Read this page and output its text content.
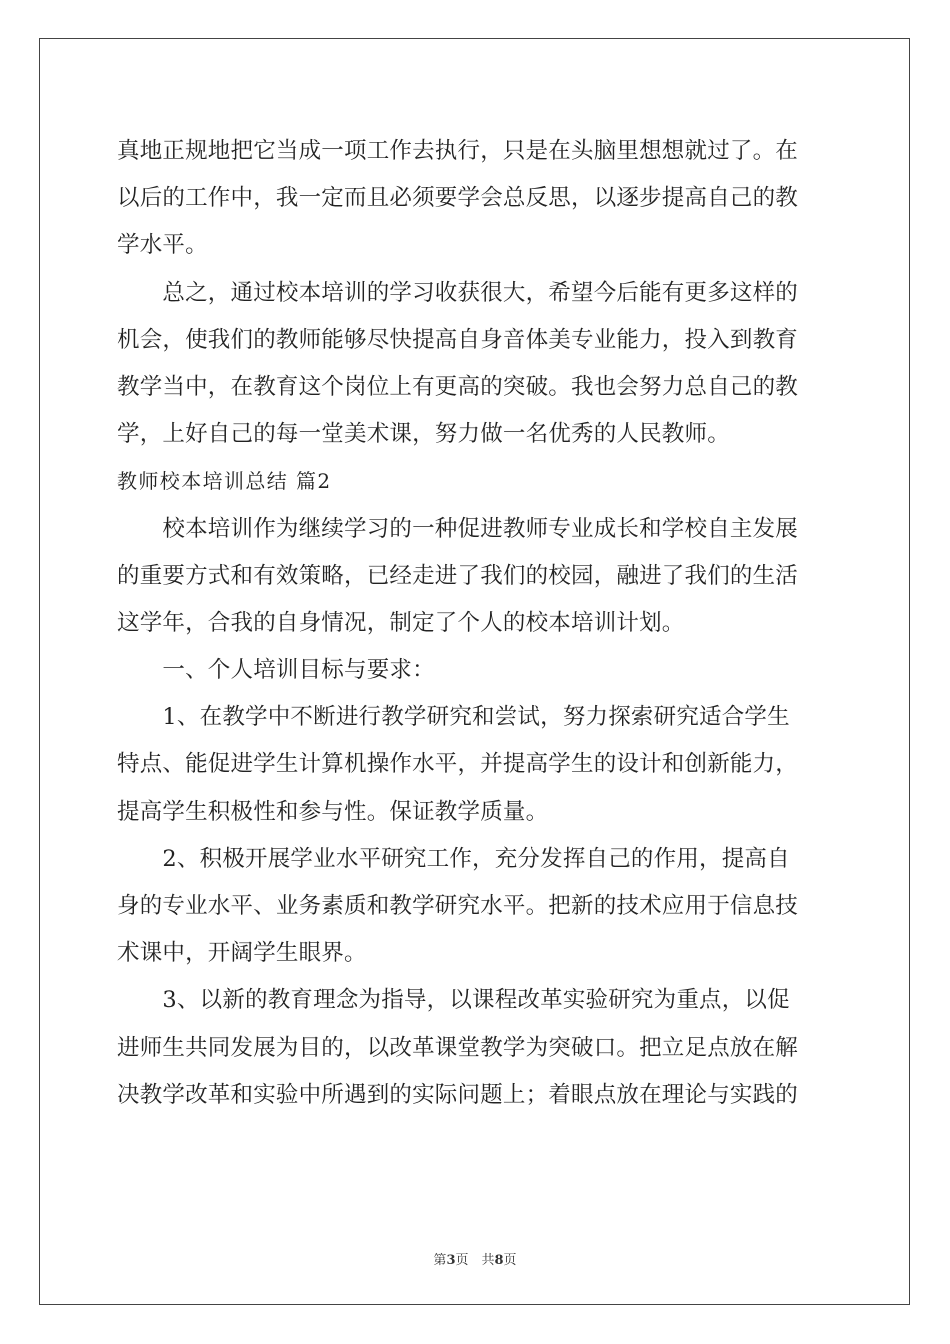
真地正规地把它当成一项工作去执行，只是在头脑里想想就过了。在
以后的工作中，我一定而且必须要学会总反思，以逐步提高自己的教
学水平。
　　总之，通过校本培训的学习收获很大，希望今后能有更多这样的
机会，使我们的教师能够尽快提高自身音体美专业能力，投入到教育
教学当中，在教育这个岗位上有更高的突破。我也会努力总自己的教
学，上好自己的每一堂美术课，努力做一名优秀的人民教师。
教师校本培训总结 篇2
　　校本培训作为继续学习的一种促进教师专业成长和学校自主发展
的重要方式和有效策略，已经走进了我们的校园，融进了我们的生活
这学年，合我的自身情况，制定了个人的校本培训计划。
　　一、个人培训目标与要求：
　　1、在教学中不断进行教学研究和尝试，努力探索研究适合学生
特点、能促进学生计算机操作水平，并提高学生的设计和创新能力，
提高学生积极性和参与性。保证教学质量。
　　2、积极开展学业水平研究工作，充分发挥自己的作用，提高自
身的专业水平、业务素质和教学研究水平。把新的技术应用于信息技
术课中，开阔学生眼界。
　　3、以新的教育理念为指导，以课程改革实验研究为重点，以促
进师生共同发展为目的，以改革课堂教学为突破口。把立足点放在解
决教学改革和实验中所遇到的实际问题上；着眼点放在理论与实践的
第3页　共8页
